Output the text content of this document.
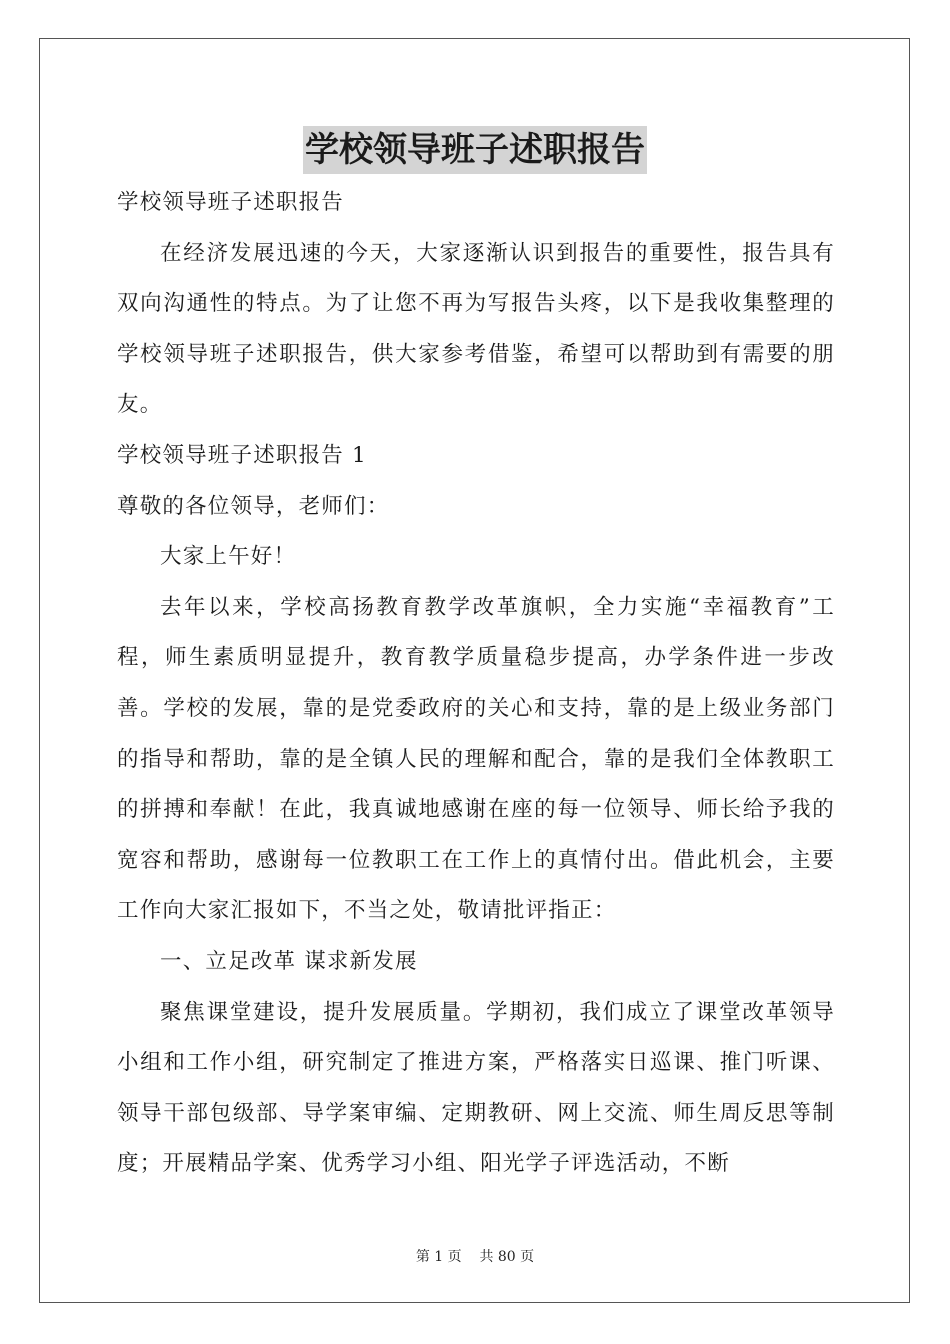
学校领导班子述职报告

学校领导班子述职报告

在经济发展迅速的今天，大家逐渐认识到报告的重要性，报告具有双向沟通性的特点。为了让您不再为写报告头疼，以下是我收集整理的学校领导班子述职报告，供大家参考借鉴，希望可以帮助到有需要的朋友。

学校领导班子述职报告 1

尊敬的各位领导，老师们：

大家上午好！

去年以来，学校高扬教育教学改革旗帜，全力实施“幸福教育”工程，师生素质明显提升，教育教学质量稳步提高，办学条件进一步改善。学校的发展，靠的是党委政府的关心和支持，靠的是上级业务部门的指导和帮助，靠的是全镇人民的理解和配合，靠的是我们全体教职工的拼搏和奉献！在此，我真诚地感谢在座的每一位领导、师长给予我的宽容和帮助，感谢每一位教职工在工作上的真情付出。借此机会，主要工作向大家汇报如下，不当之处，敬请批评指正：

一、立足改革 谋求新发展

聚焦课堂建设，提升发展质量。学期初，我们成立了课堂改革领导小组和工作小组，研究制定了推进方案，严格落实日巡课、推门听课、领导干部包级部、导学案审编、定期教研、网上交流、师生周反思等制度；开展精品学案、优秀学习小组、阳光学子评选活动，不断

第 1 页 共 80 页
